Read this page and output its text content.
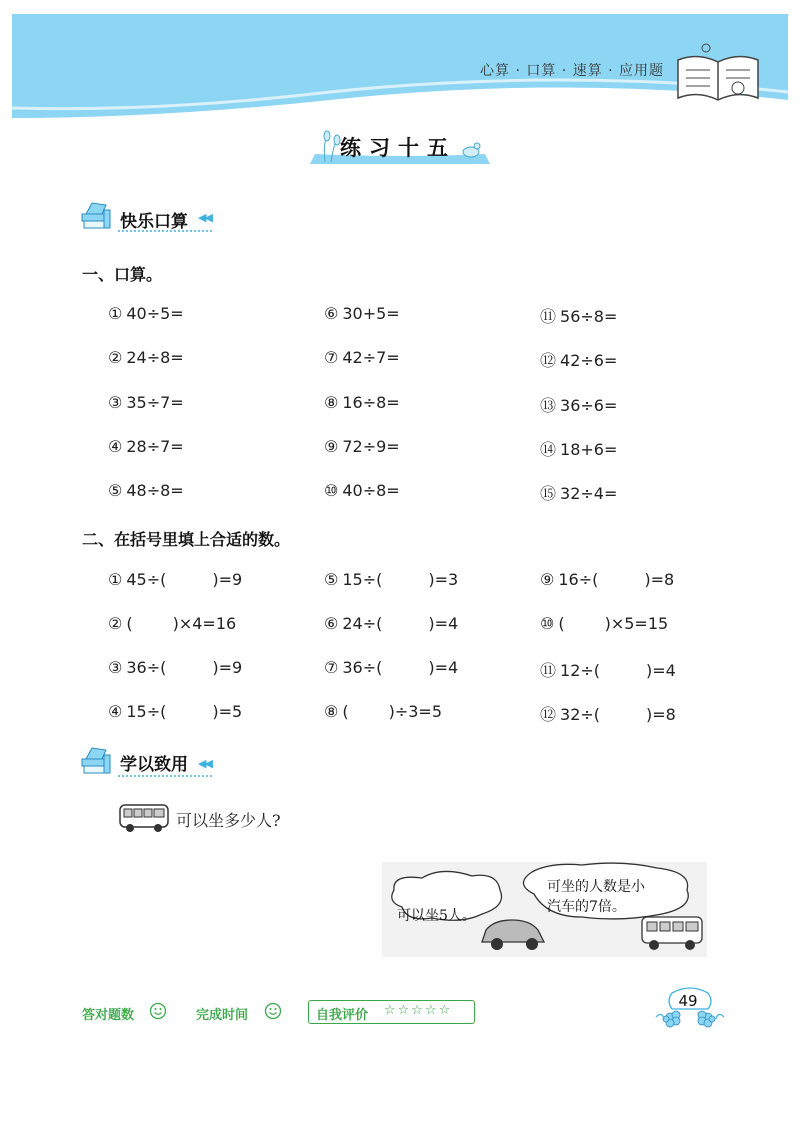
心算 · 口算 · 速算 · 应用题
练习十五
快乐口算 ◀◀
一、口算。
① 40÷5=
② 24÷8=
③ 35÷7=
④ 28÷7=
⑤ 48÷8=
⑥ 30+5=
⑦ 42÷7=
⑧ 16÷8=
⑨ 72÷9=
⑩ 40÷8=
⑪ 56÷8=
⑫ 42÷6=
⑬ 36÷6=
⑭ 18+6=
⑮ 32÷4=
二、在括号里填上合适的数。
① 45÷(	)=9
② (	)×4=16
③ 36÷(	)=9
④ 15÷(	)=5
⑤ 15÷(	)=3
⑥ 24÷(	)=4
⑦ 36÷(	)=4
⑧ (	)÷3=5
⑨ 16÷(	)=8
⑩ (	)×5=15
⑪ 12÷(	)=4
⑫ 32÷(	)=8
学以致用 ◀◀
可以坐多少人?
可以坐5人。
可坐的人数是小
汽车的7倍。
答对题数	完成时间	自我评价 ☆☆☆☆☆
49
